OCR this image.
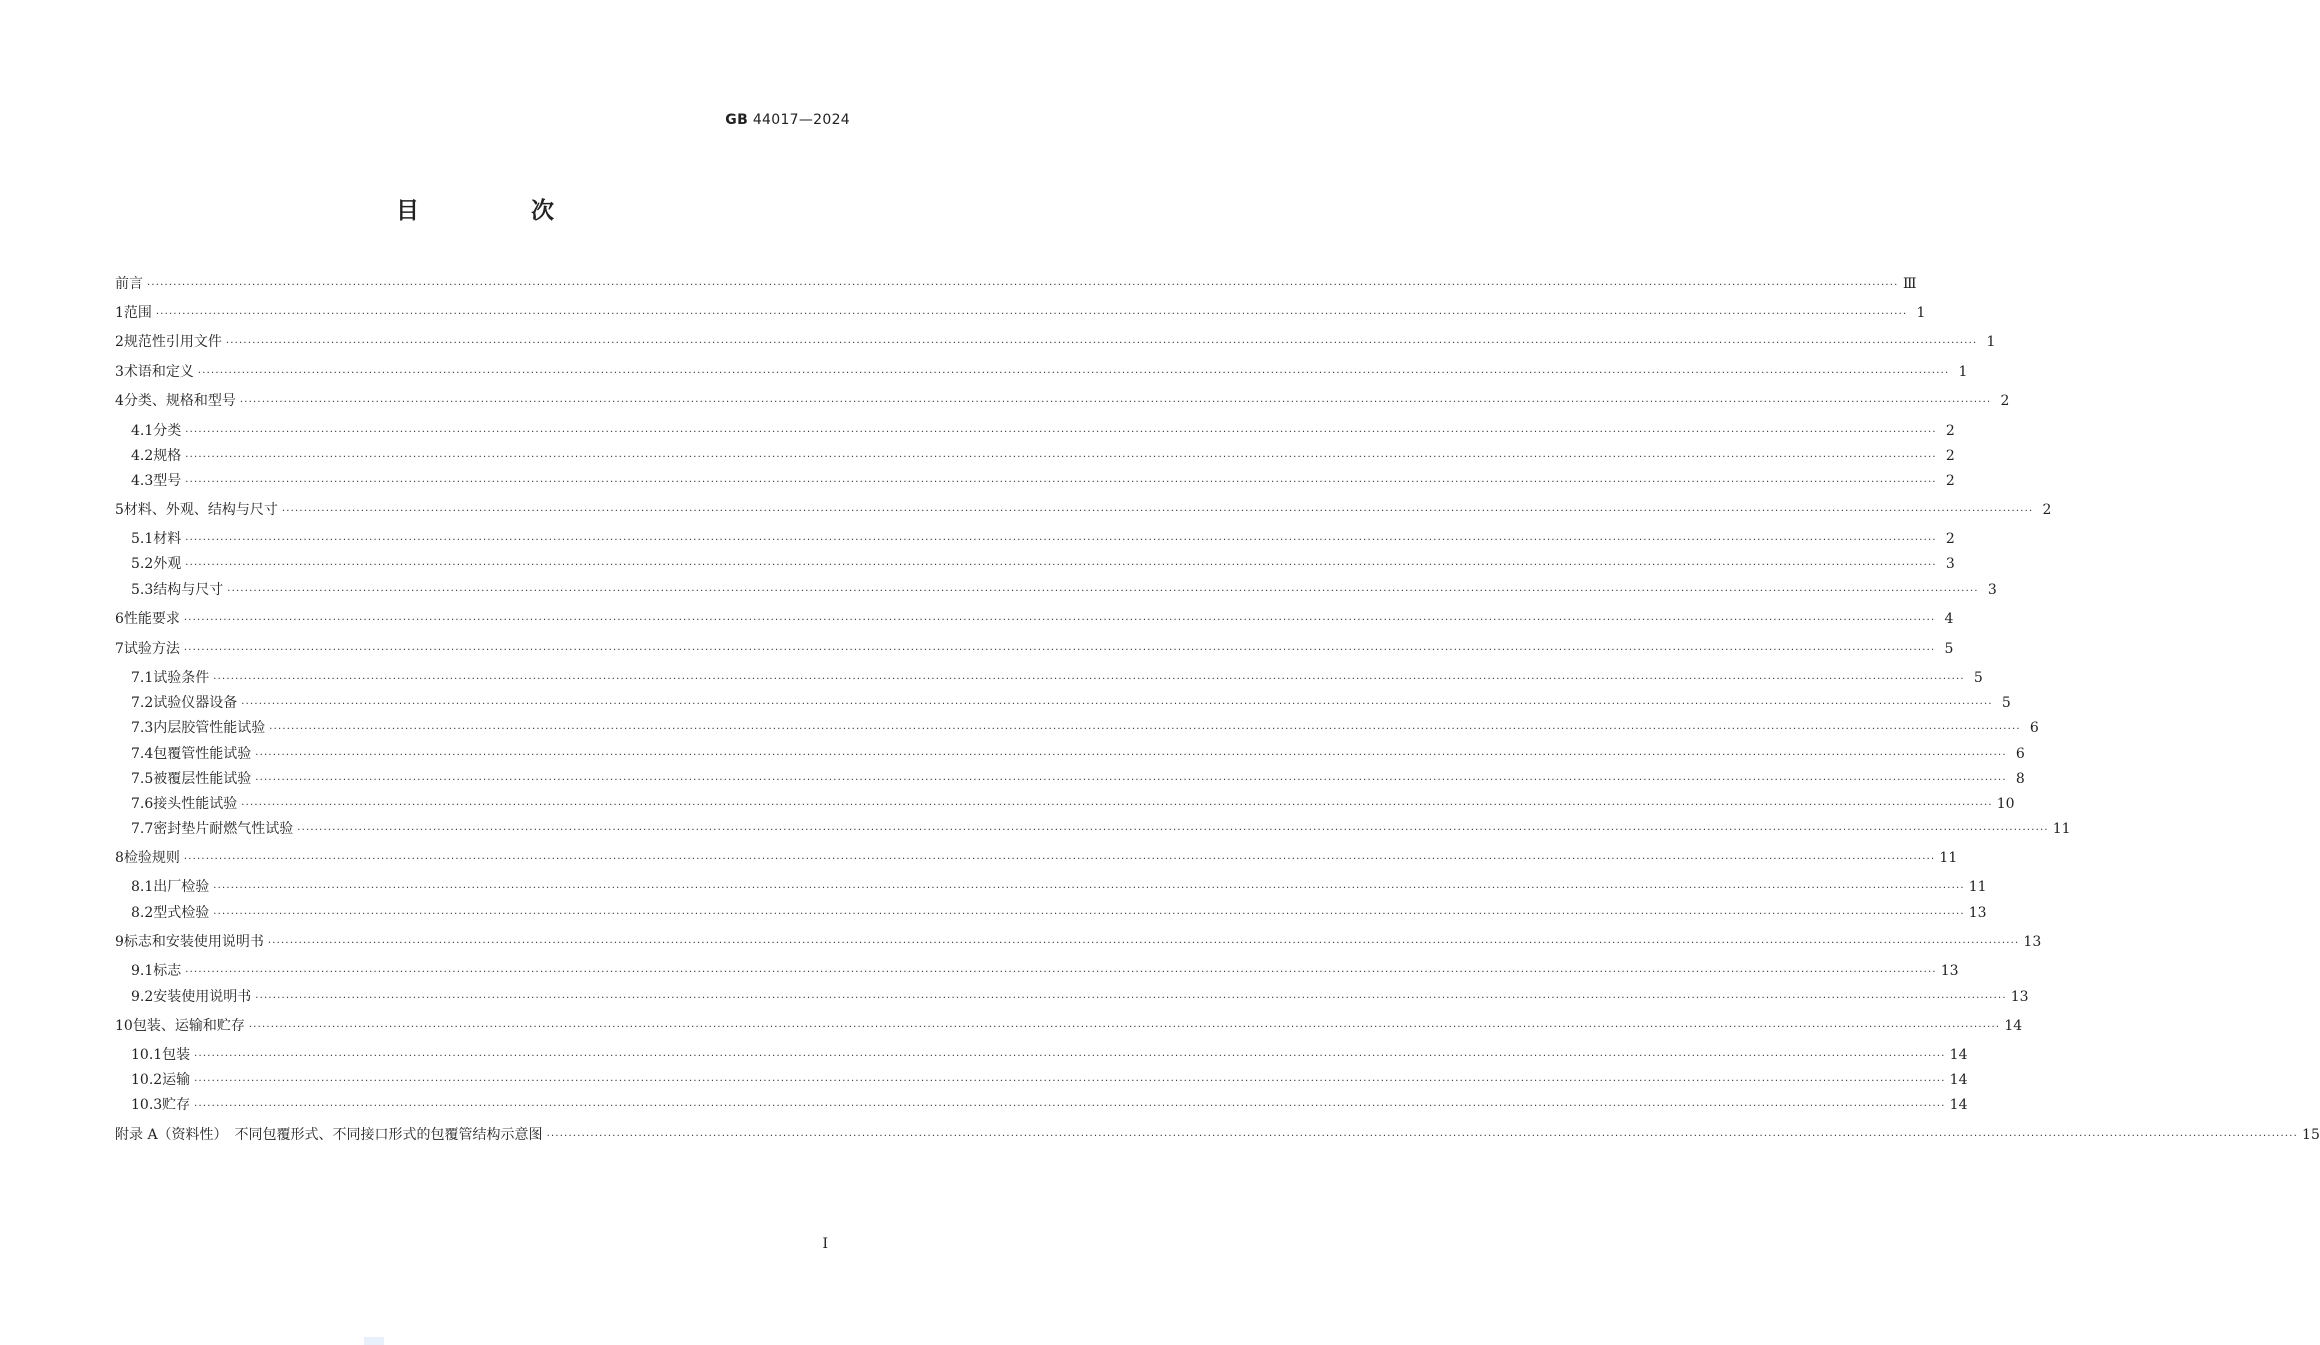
GB 44017—2024
目 次
前言 ················································································································································································································································································································································································································ Ⅲ
1 范围 ················································································································································································································································································································································································································ 1
2 规范性引用文件 ················································································································································································································································································································································································································ 1
3 术语和定义 ················································································································································································································································································································································································································ 1
4 分类、规格和型号 ················································································································································································································································································································································································································ 2
4.1 分类 ················································································································································································································································································································································································································ 2
4.2 规格 ················································································································································································································································································································································································································ 2
4.3 型号 ················································································································································································································································································································································································································ 2
5 材料、外观、结构与尺寸 ················································································································································································································································································································································································································ 2
5.1 材料 ················································································································································································································································································································································································································ 2
5.2 外观 ················································································································································································································································································································································································································ 3
5.3 结构与尺寸 ················································································································································································································································································································································································································ 3
6 性能要求 ················································································································································································································································································································································································································ 4
7 试验方法 ················································································································································································································································································································································································································ 5
7.1 试验条件 ················································································································································································································································································································································································································ 5
7.2 试验仪器设备 ················································································································································································································································································································································································································ 5
7.3 内层胶管性能试验 ················································································································································································································································································································································································································ 6
7.4 包覆管性能试验 ················································································································································································································································································································································································································ 6
7.5 被覆层性能试验 ················································································································································································································································································································································································································ 8
7.6 接头性能试验 ················································································································································································································································································································································································································ 10
7.7 密封垫片耐燃气性试验 ················································································································································································································································································································································································································ 11
8 检验规则 ················································································································································································································································································································································································································ 11
8.1 出厂检验 ················································································································································································································································································································································································································ 11
8.2 型式检验 ················································································································································································································································································································································································································ 13
9 标志和安装使用说明书 ················································································································································································································································································································································································································ 13
9.1 标志 ················································································································································································································································································································································································································ 13
9.2 安装使用说明书 ················································································································································································································································································································································································································ 13
10 包装、运输和贮存 ················································································································································································································································································································································································································ 14
10.1 包装 ················································································································································································································································································································································································································ 14
10.2 运输 ················································································································································································································································································································································································································ 14
10.3 贮存 ················································································································································································································································································································································································································ 14
附录 A（资料性）　不同包覆形式、不同接口形式的包覆管结构示意图 ················································································································································································································································································································································································································ 15
I
